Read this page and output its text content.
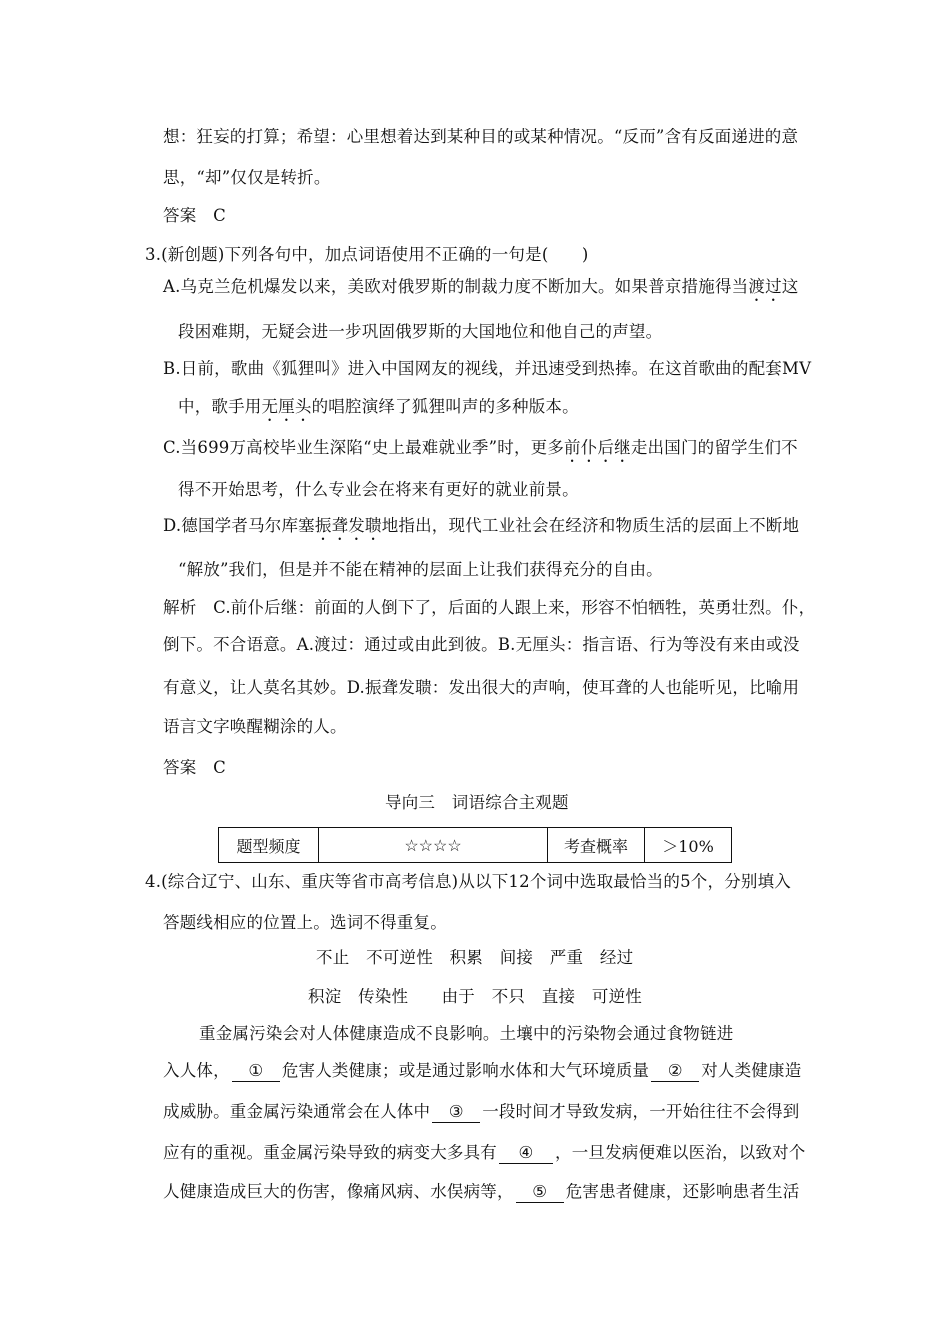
想：狂妄的打算；希望：心里想着达到某种目的或某种情况。“反而”含有反面递进的意
思，“却”仅仅是转折。
答案　C
3.(新创题)下列各句中，加点词语使用不正确的一句是(　　)
A.乌克兰危机爆发以来，美欧对俄罗斯的制裁力度不断加大。如果普京措施得当渡过这
段困难期，无疑会进一步巩固俄罗斯的大国地位和他自己的声望。
B.日前，歌曲《狐狸叫》进入中国网友的视线，并迅速受到热捧。在这首歌曲的配套MV
中，歌手用无厘头的唱腔演绎了狐狸叫声的多种版本。
C.当699万高校毕业生深陷“史上最难就业季”时，更多前仆后继走出国门的留学生们不
得不开始思考，什么专业会在将来有更好的就业前景。
D.德国学者马尔库塞振聋发聩地指出，现代工业社会在经济和物质生活的层面上不断地
“解放”我们，但是并不能在精神的层面上让我们获得充分的自由。
解析　C.前仆后继：前面的人倒下了，后面的人跟上来，形容不怕牺牲，英勇壮烈。仆，
倒下。不合语意。A.渡过：通过或由此到彼。B.无厘头：指言语、行为等没有来由或没
有意义，让人莫名其妙。D.振聋发聩：发出很大的声响，使耳聋的人也能听见，比喻用
语言文字唤醒糊涂的人。
答案　C
导向三　词语综合主观题
题型频度	☆☆☆☆	考查概率	＞10%
4.(综合辽宁、山东、重庆等省市高考信息)从以下12个词中选取最恰当的5个，分别填入
答题线相应的位置上。选词不得重复。
不止　不可逆性　积累　间接　严重　经过
积淀　传染性　　由于　不只　直接　可逆性
重金属污染会对人体健康造成不良影响。土壤中的污染物会通过食物链进
入人体， ① 危害人类健康；或是通过影响水体和大气环境质量 ② 对人类健康造
成威胁。重金属污染通常会在人体中 ③ 一段时间才导致发病，一开始往往不会得到
应有的重视。重金属污染导致的病变大多具有 ④ ，一旦发病便难以医治，以致对个
人健康造成巨大的伤害，像痛风病、水俣病等， ⑤ 危害患者健康，还影响患者生活
